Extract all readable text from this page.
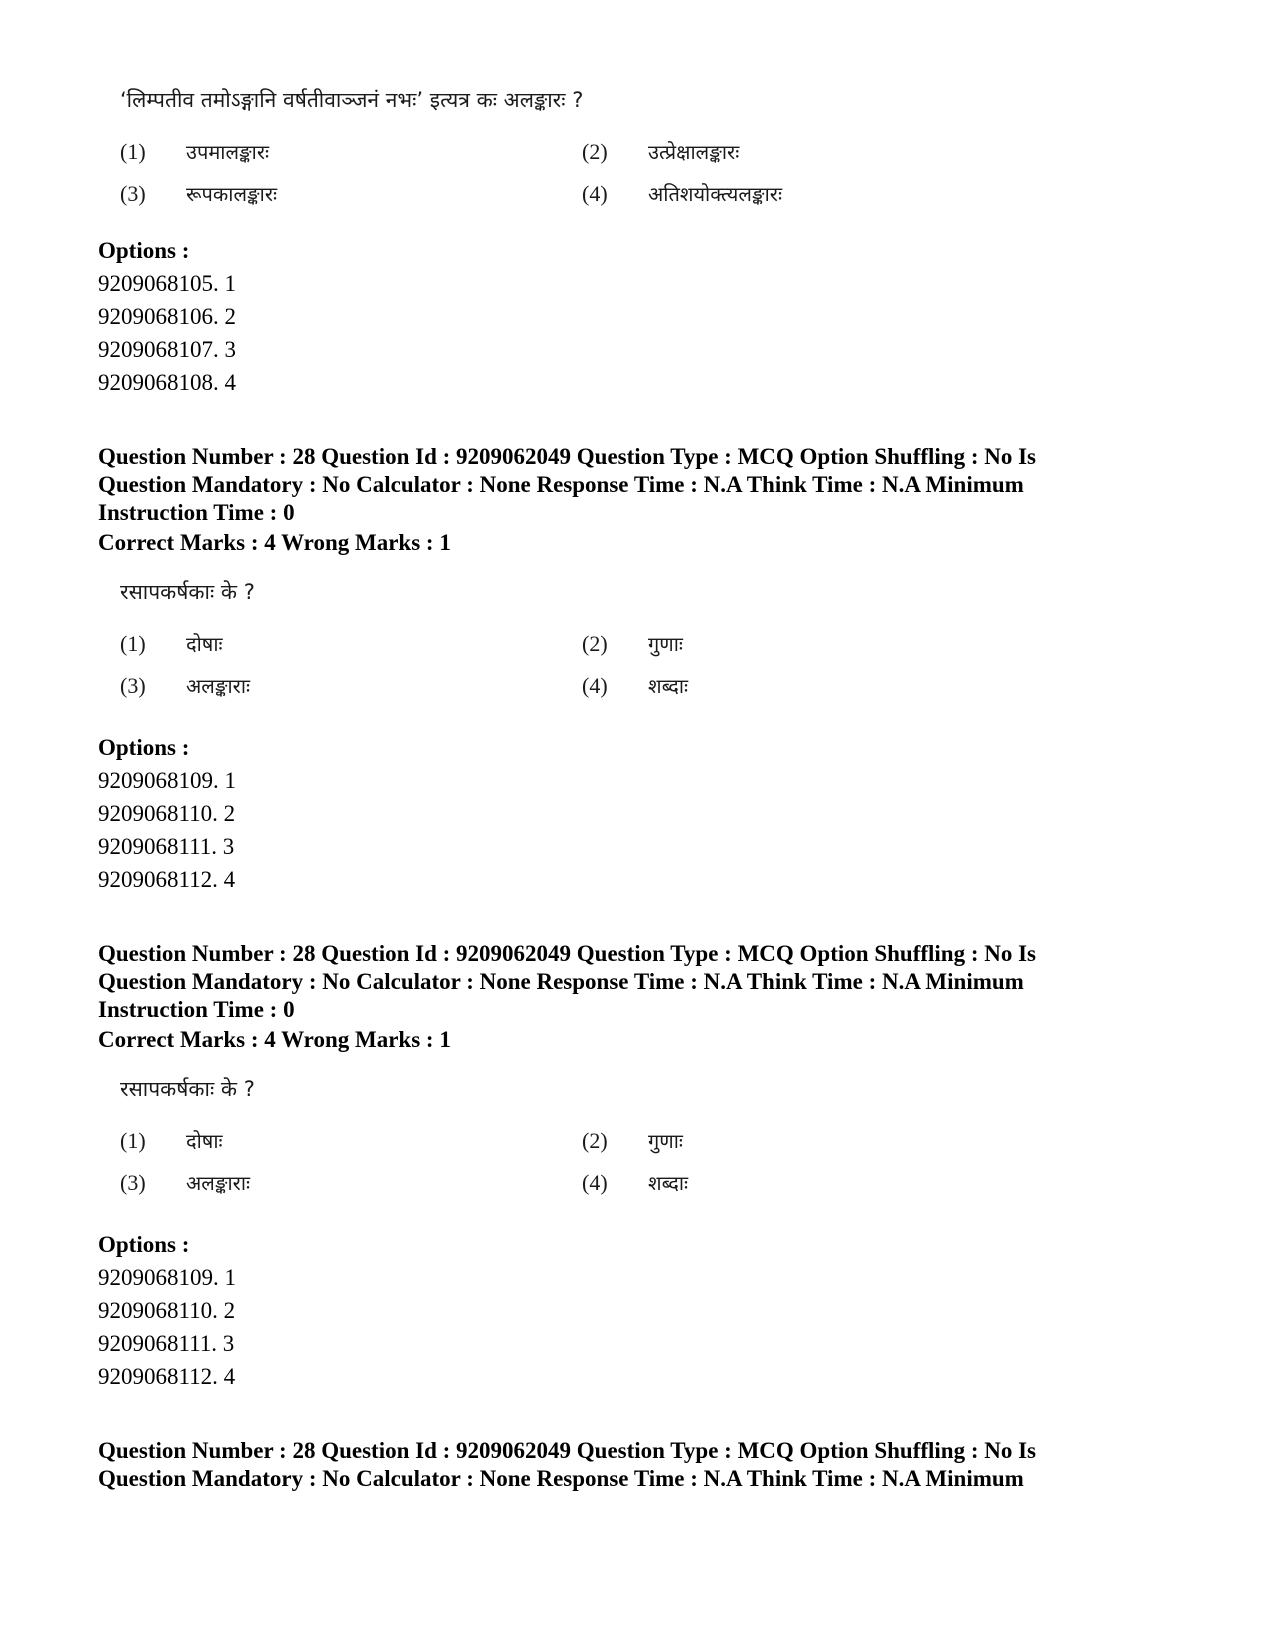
‘लिम्पतीव तमोऽङ्गानि वर्षतीवाञ्जनं नभः’ इत्यत्र कः अलङ्कारः ?
(1) उपमालङ्कारः	(2) उत्प्रेक्षालङ्कारः
(3) रूपकालङ्कारः	(4) अतिशयोक्त्यलङ्कारः
Options :
9209068105. 1
9209068106. 2
9209068107. 3
9209068108. 4
Question Number : 28 Question Id : 9209062049 Question Type : MCQ Option Shuffling : No Is
Question Mandatory : No Calculator : None Response Time : N.A Think Time : N.A Minimum
Instruction Time : 0
Correct Marks : 4 Wrong Marks : 1
रसापकर्षकाः के ?
(1) दोषाः	(2) गुणाः
(3) अलङ्काराः	(4) शब्दाः
Options :
9209068109. 1
9209068110. 2
9209068111. 3
9209068112. 4
Question Number : 28 Question Id : 9209062049 Question Type : MCQ Option Shuffling : No Is
Question Mandatory : No Calculator : None Response Time : N.A Think Time : N.A Minimum
Instruction Time : 0
Correct Marks : 4 Wrong Marks : 1
रसापकर्षकाः के ?
(1) दोषाः	(2) गुणाः
(3) अलङ्काराः	(4) शब्दाः
Options :
9209068109. 1
9209068110. 2
9209068111. 3
9209068112. 4
Question Number : 28 Question Id : 9209062049 Question Type : MCQ Option Shuffling : No Is
Question Mandatory : No Calculator : None Response Time : N.A Think Time : N.A Minimum
